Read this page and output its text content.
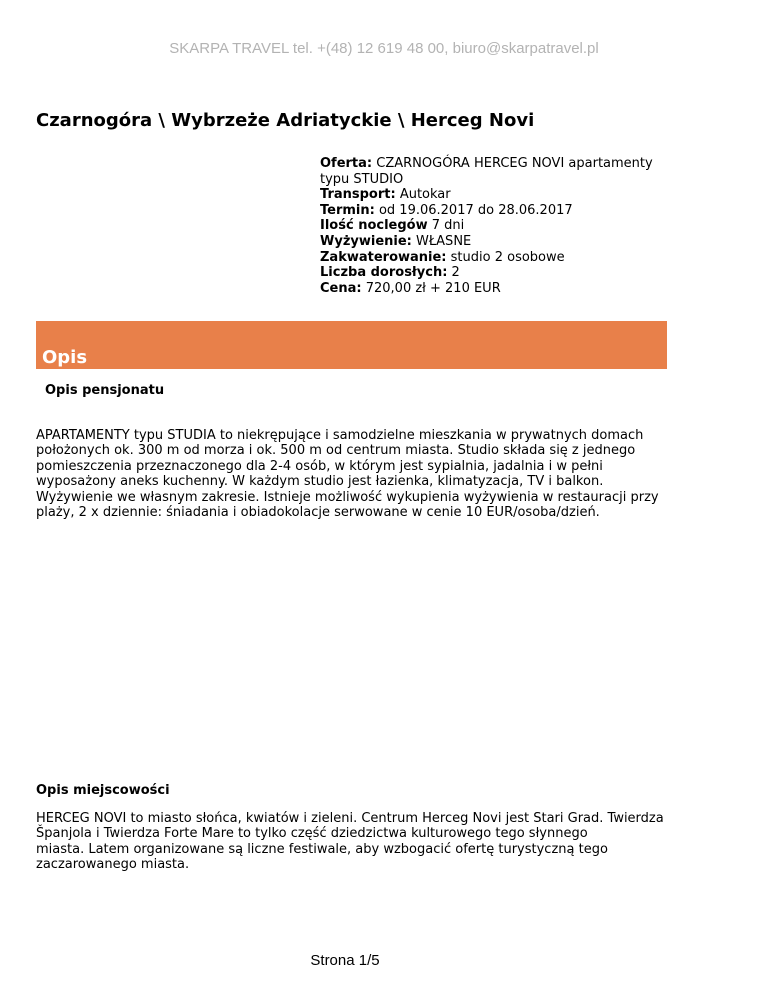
SKARPA TRAVEL tel. +(48) 12 619 48 00, biuro@skarpatravel.pl
Czarnogóra \ Wybrzeże Adriatyckie \ Herceg Novi

Oferta: CZARNOGÓRA HERCEG NOVI apartamenty typu STUDIO

Transport: Autokar

Termin: od 19.06.2017 do 28.06.2017

Ilość noclegów 7 dni

Wyżywienie: WŁASNE

Zakwaterowanie: studio 2 osobowe

Liczba dorosłych: 2

Cena: 720,00 zł + 210 EUR

Opis
Opis pensjonatu
APARTAMENTY typu STUDIA to niekrępujące i samodzielne mieszkania w prywatnych domach
położonych ok. 300 m od morza i ok. 500 m od centrum miasta. Studio składa się z jednego
pomieszczenia przeznaczonego dla 2-4 osób, w którym jest sypialnia, jadalnia i w pełni
wyposażony aneks kuchenny. W każdym studio jest łazienka, klimatyzacja, TV i balkon.
Wyżywienie we własnym zakresie. Istnieje możliwość wykupienia wyżywienia w restauracji przy
plaży, 2 x dziennie: śniadania i obiadokolacje serwowane w cenie 10 EUR/osoba/dzień.
Opis miejscowości
HERCEG NOVI to miasto słońca, kwiatów i zieleni. Centrum Herceg Novi jest Stari Grad. Twierdza
Španjola i Twierdza Forte Mare to tylko część dziedzictwa kulturowego tego słynnego
miasta. Latem organizowane są liczne festiwale, aby wzbogacić ofertę turystyczną tego
zaczarowanego miasta.
Strona 1/5
